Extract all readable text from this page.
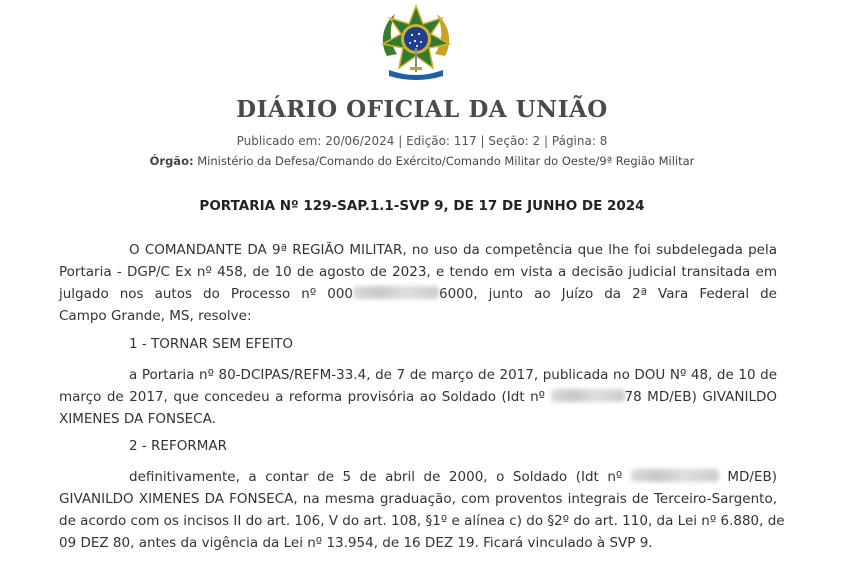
DIÁRIO OFICIAL DA UNIÃO
Publicado em: 20/06/2024 | Edição: 117 | Seção: 2 | Página: 8
Órgão: Ministério da Defesa/Comando do Exército/Comando Militar do Oeste/9ª Região Militar
PORTARIA Nº 129-SAP.1.1-SVP 9, DE 17 DE JUNHO DE 2024
O COMANDANTE DA 9ª REGIÃO MILITAR, no uso da competência que lhe foi subdelegada pela
Portaria - DGP/C Ex nº 458, de 10 de agosto de 2023, e tendo em vista a decisão judicial transitada em
julgado nos autos do Processo nº 000	6000, junto ao Juízo da 2ª Vara Federal de
Campo Grande, MS, resolve:
1 - TORNAR SEM EFEITO
a Portaria nº 80-DCIPAS/REFM-33.4, de 7 de março de 2017, publicada no DOU Nº 48, de 10 de
março de 2017, que concedeu a reforma provisória ao Soldado (Idt nº	78 MD/EB) GIVANILDO
XIMENES DA FONSECA.
2 - REFORMAR
definitivamente, a contar de 5 de abril de 2000, o Soldado (Idt nº	MD/EB)
GIVANILDO XIMENES DA FONSECA, na mesma graduação, com proventos integrais de Terceiro-Sargento,
de acordo com os incisos II do art. 106, V do art. 108, §1º e alínea c) do §2º do art. 110, da Lei nº 6.880, de
09 DEZ 80, antes da vigência da Lei nº 13.954, de 16 DEZ 19. Ficará vinculado à SVP 9.
